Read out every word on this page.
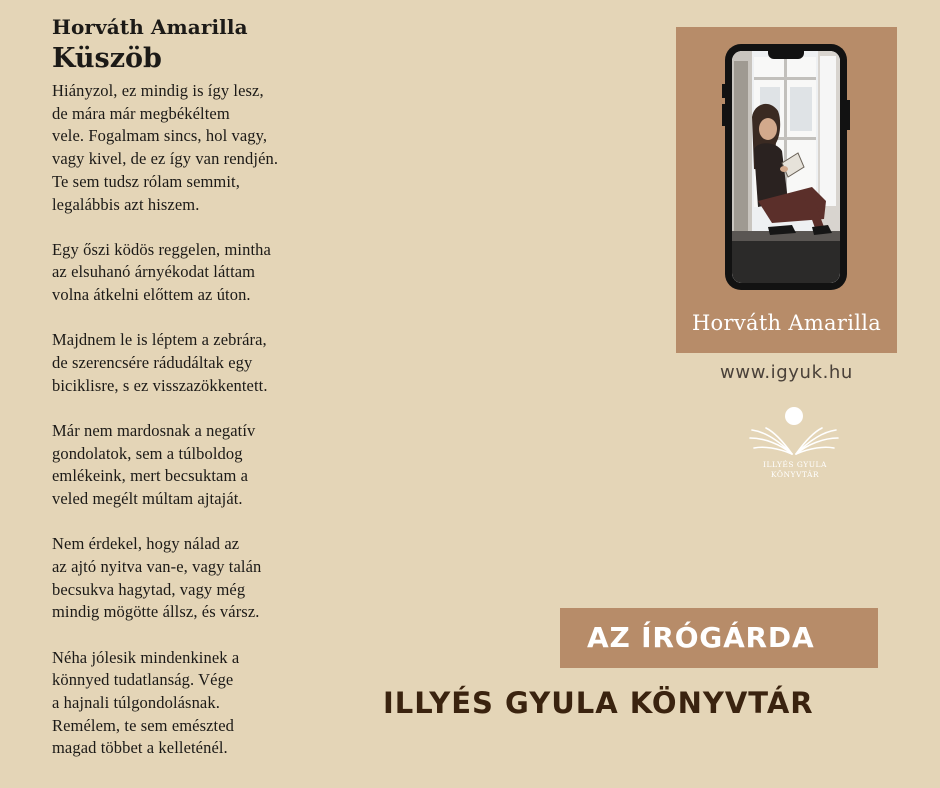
Horváth Amarilla
Küszöb
Hiányzol, ez mindig is így lesz,
de mára már megbékéltem
vele. Fogalmam sincs, hol vagy,
vagy kivel, de ez így van rendjén.
Te sem tudsz rólam semmit,
legalábbis azt hiszem.
Egy őszi ködös reggelen, mintha
az elsuhanó árnyékodat láttam
volna átkelni előttem az úton.
Majdnem le is léptem a zebrára,
de szerencsére rádudáltak egy
biciklisre, s ez visszazökkentett.
Már nem mardosnak a negatív
gondolatok, sem a túlboldog
emlékeink, mert becsuktam a
veled megélt múltam ajtaját.
Nem érdekel, hogy nálad az
az ajtó nyitva van-e, vagy talán
becsukva hagytad, vagy még
mindig mögötte állsz, és vársz.
Néha jólesik mindenkinek a
könnyed tudatlanság. Vége
a hajnali túlgondolásnak.
Remélem, te sem emészted
magad többet a kelleténél.
Horváth Amarilla
www.igyuk.hu
ILLYÉS GYULA
KÖNYVTÁR
AZ ÍRÓGÁRDA
ILLYÉS GYULA KÖNYVTÁR
